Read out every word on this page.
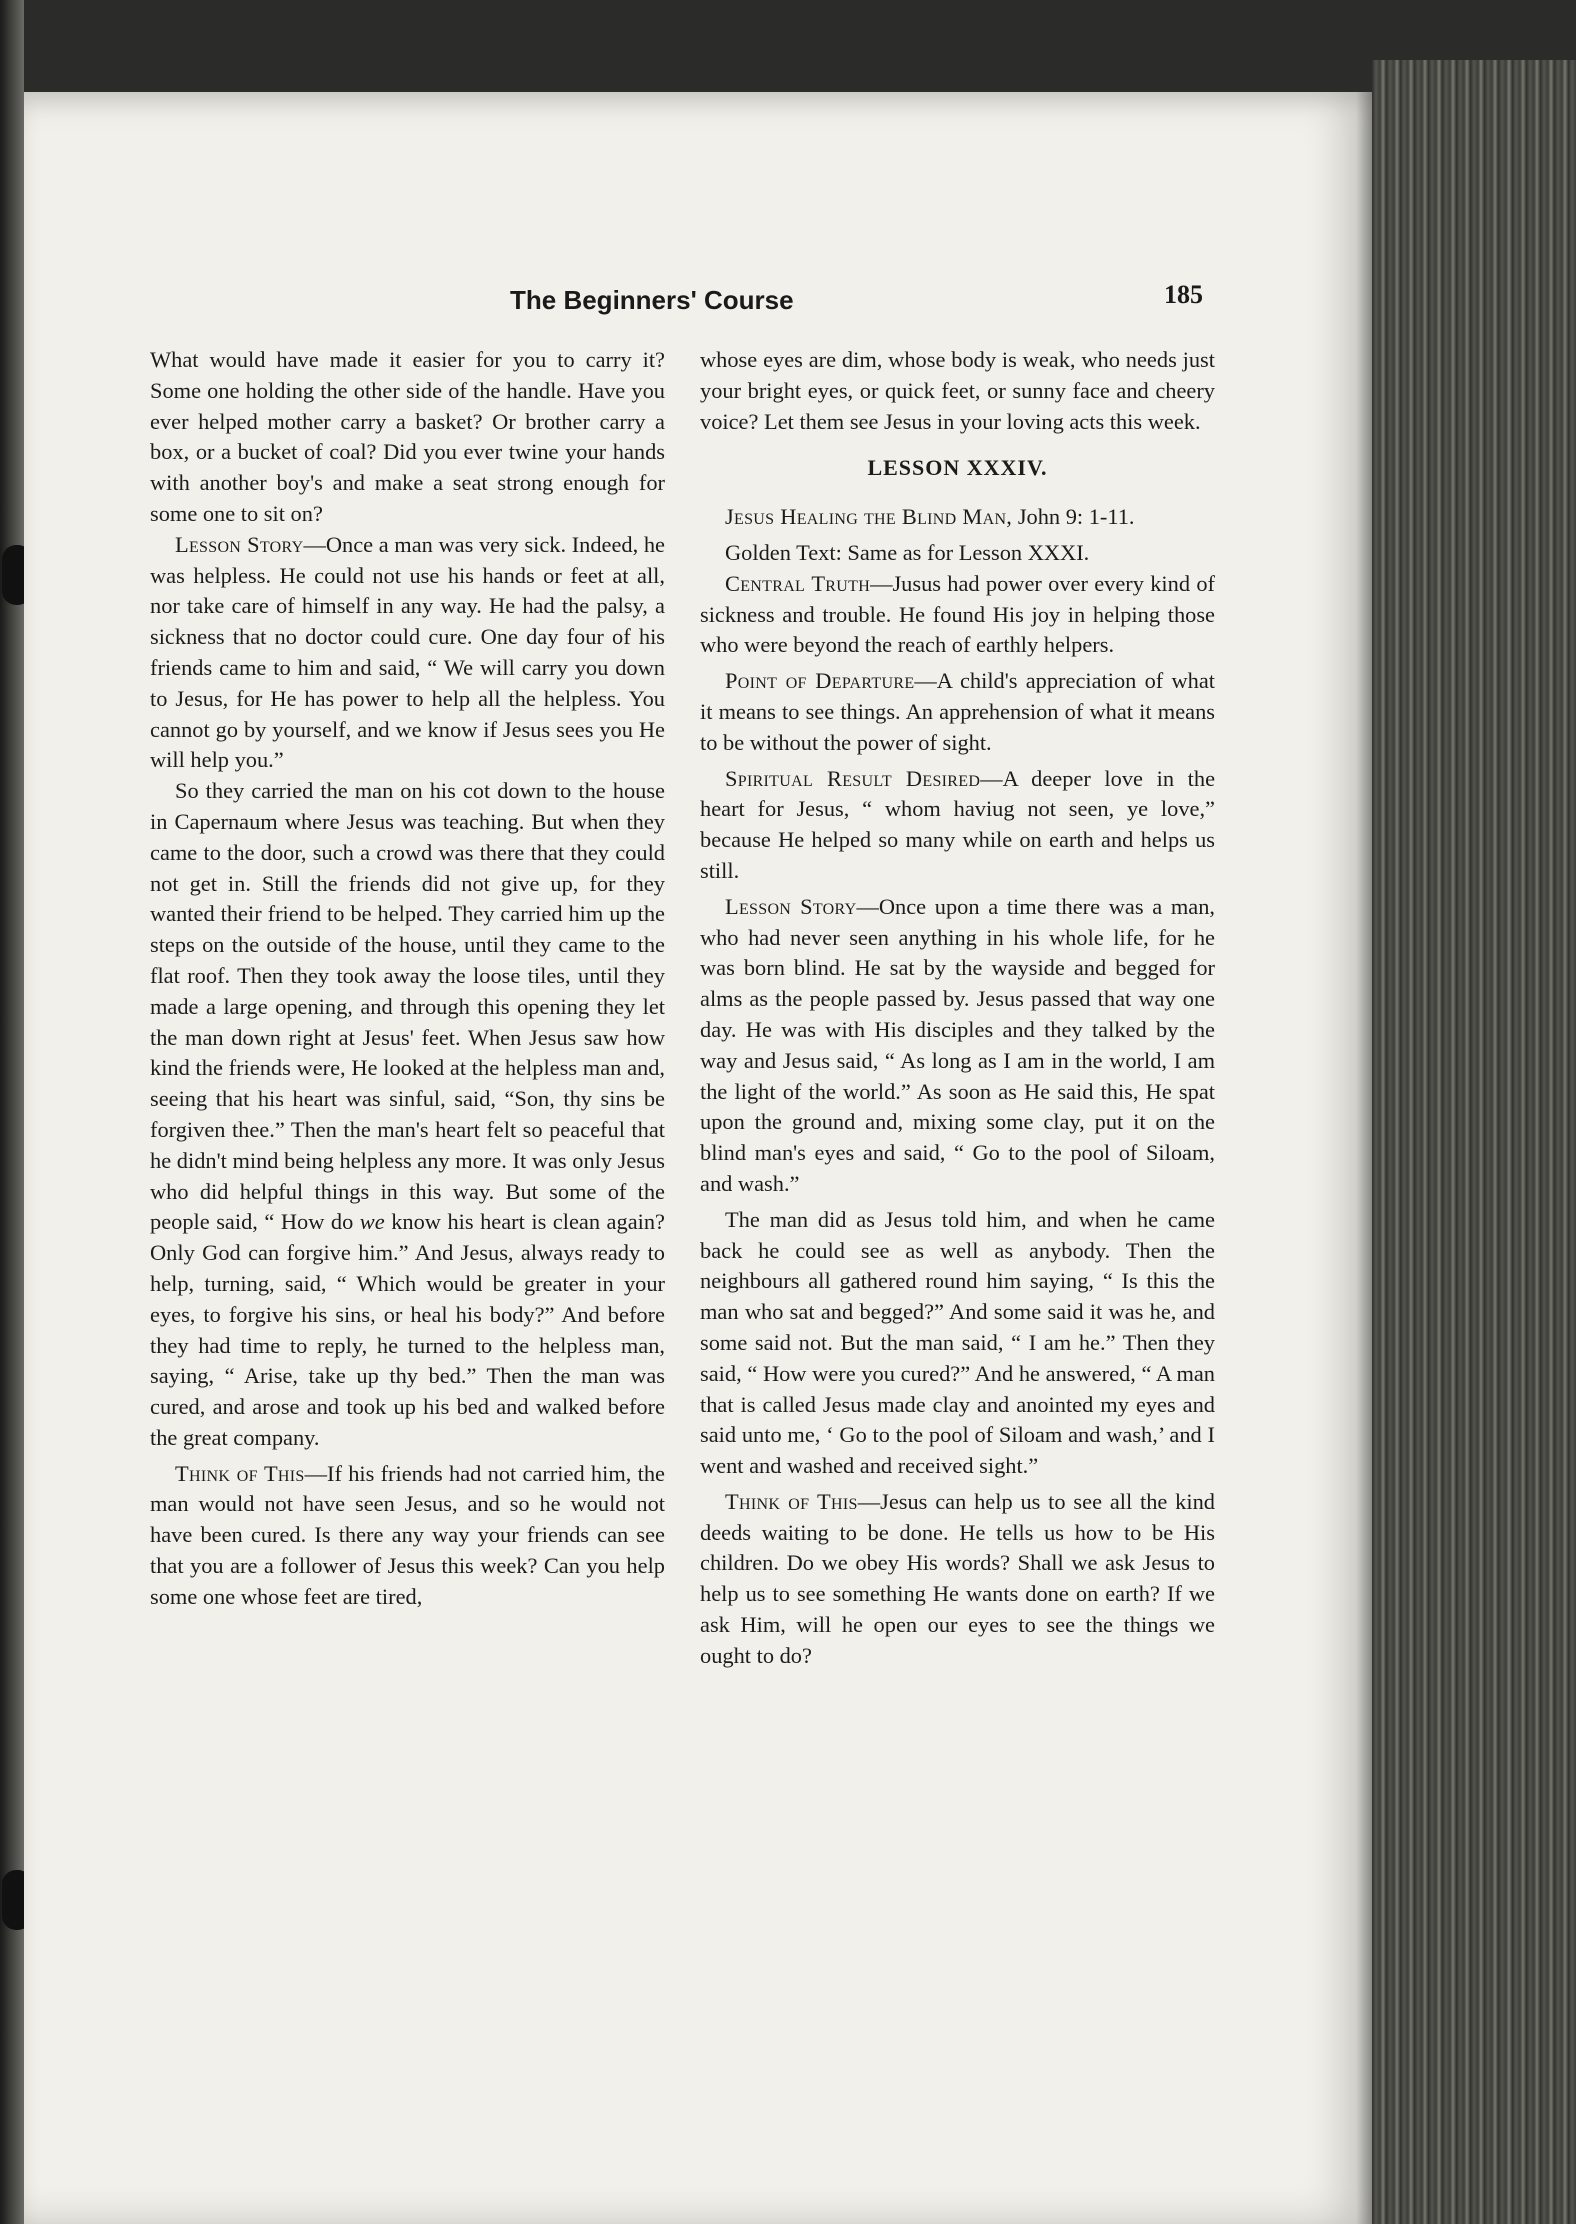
The Beginners' Course	185

What would have made it easier for you to carry it? Some one holding the other side of the handle. Have you ever helped mother carry a basket? Or brother carry a box, or a bucket of coal? Did you ever twine your hands with another boy's and make a seat strong enough for some one to sit on?

Lesson Story—Once a man was very sick. Indeed, he was helpless. He could not use his hands or feet at all, nor take care of himself in any way. He had the palsy, a sickness that no doctor could cure. One day four of his friends came to him and said, “ We will carry you down to Jesus, for He has power to help all the helpless. You cannot go by yourself, and we know if Jesus sees you He will help you.”

So they carried the man on his cot down to the house in Capernaum where Jesus was teaching. But when they came to the door, such a crowd was there that they could not get in. Still the friends did not give up, for they wanted their friend to be helped. They carried him up the steps on the outside of the house, until they came to the flat roof. Then they took away the loose tiles, until they made a large opening, and through this opening they let the man down right at Jesus' feet. When Jesus saw how kind the friends were, He looked at the helpless man and, seeing that his heart was sinful, said, “Son, thy sins be forgiven thee.” Then the man's heart felt so peaceful that he didn't mind being helpless any more. It was only Jesus who did helpful things in this way. But some of the people said, “ How do we know his heart is clean again? Only God can forgive him.” And Jesus, always ready to help, turning, said, “ Which would be greater in your eyes, to forgive his sins, or heal his body?” And before they had time to reply, he turned to the helpless man, saying, “ Arise, take up thy bed.” Then the man was cured, and arose and took up his bed and walked before the great company.

Think of This—If his friends had not carried him, the man would not have seen Jesus, and so he would not have been cured. Is there any way your friends can see that you are a follower of Jesus this week? Can you help some one whose feet are tired,

whose eyes are dim, whose body is weak, who needs just your bright eyes, or quick feet, or sunny face and cheery voice? Let them see Jesus in your loving acts this week.

LESSON XXXIV.

Jesus Healing the Blind Man, John 9: 1-11.

Golden Text: Same as for Lesson XXXI.

Central Truth—Jusus had power over every kind of sickness and trouble. He found His joy in helping those who were beyond the reach of earthly helpers.

Point of Departure—A child's appreciation of what it means to see things. An apprehension of what it means to be without the power of sight.

Spiritual Result Desired—A deeper love in the heart for Jesus, “ whom haviug not seen, ye love,” because He helped so many while on earth and helps us still.

Lesson Story—Once upon a time there was a man, who had never seen anything in his whole life, for he was born blind. He sat by the wayside and begged for alms as the people passed by. Jesus passed that way one day. He was with His disciples and they talked by the way and Jesus said, “ As long as I am in the world, I am the light of the world.” As soon as He said this, He spat upon the ground and, mixing some clay, put it on the blind man's eyes and said, “ Go to the pool of Siloam, and wash.”

The man did as Jesus told him, and when he came back he could see as well as anybody. Then the neighbours all gathered round him saying, “ Is this the man who sat and begged?” And some said it was he, and some said not. But the man said, “ I am he.” Then they said, “ How were you cured?” And he answered, “ A man that is called Jesus made clay and anointed my eyes and said unto me, ‘ Go to the pool of Siloam and wash,’ and I went and washed and received sight.”

Think of This—Jesus can help us to see all the kind deeds waiting to be done. He tells us how to be His children. Do we obey His words? Shall we ask Jesus to help us to see something He wants done on earth? If we ask Him, will he open our eyes to see the things we ought to do?
